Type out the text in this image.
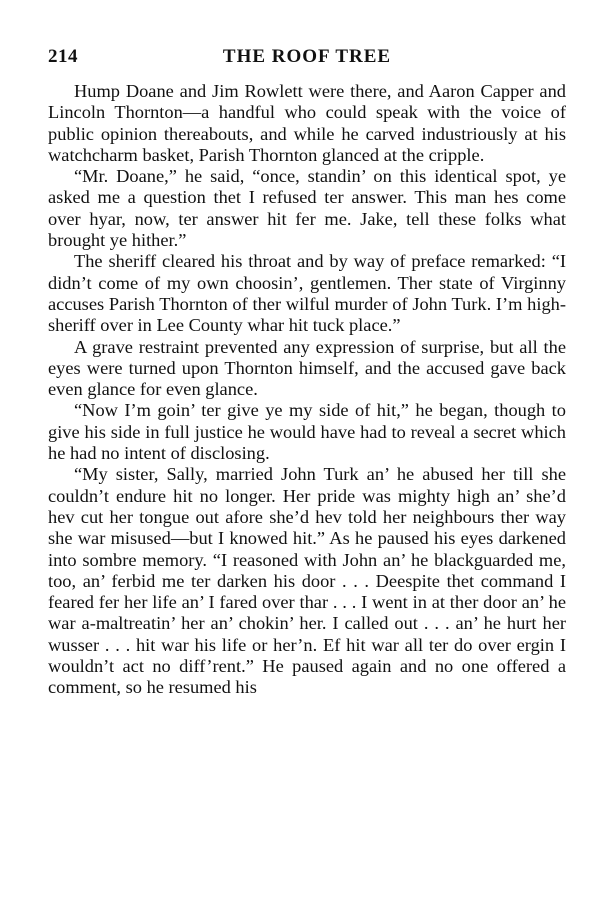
214	THE ROOF TREE

Hump Doane and Jim Rowlett were there, and Aaron Capper and Lincoln Thornton—a handful who could speak with the voice of public opinion thereabouts, and while he carved industriously at his watchcharm basket, Parish Thornton glanced at the cripple.

“Mr. Doane,” he said, “once, standin’ on this identical spot, ye asked me a question thet I refused ter answer. This man hes come over hyar, now, ter answer hit fer me. Jake, tell these folks what brought ye hither.”

The sheriff cleared his throat and by way of preface remarked: “I didn’t come of my own choosin’, gentlemen. Ther state of Virginny accuses Parish Thornton of ther wilful murder of John Turk. I’m high-sheriff over in Lee County whar hit tuck place.”

A grave restraint prevented any expression of surprise, but all the eyes were turned upon Thornton himself, and the accused gave back even glance for even glance.

“Now I’m goin’ ter give ye my side of hit,” he began, though to give his side in full justice he would have had to reveal a secret which he had no intent of disclosing.

“My sister, Sally, married John Turk an’ he abused her till she couldn’t endure hit no longer. Her pride was mighty high an’ she’d hev cut her tongue out afore she’d hev told her neighbours ther way she war misused—but I knowed hit.” As he paused his eyes darkened into sombre memory. “I reasoned with John an’ he blackguarded me, too, an’ ferbid me ter darken his door . . . Deespite thet command I feared fer her life an’ I fared over thar . . . I went in at ther door an’ he war a-maltreatin’ her an’ chokin’ her. I called out . . . an’ he hurt her wusser . . . hit war his life or her’n. Ef hit war all ter do over ergin I wouldn’t act no diff’rent.” He paused again and no one offered a comment, so he resumed his
